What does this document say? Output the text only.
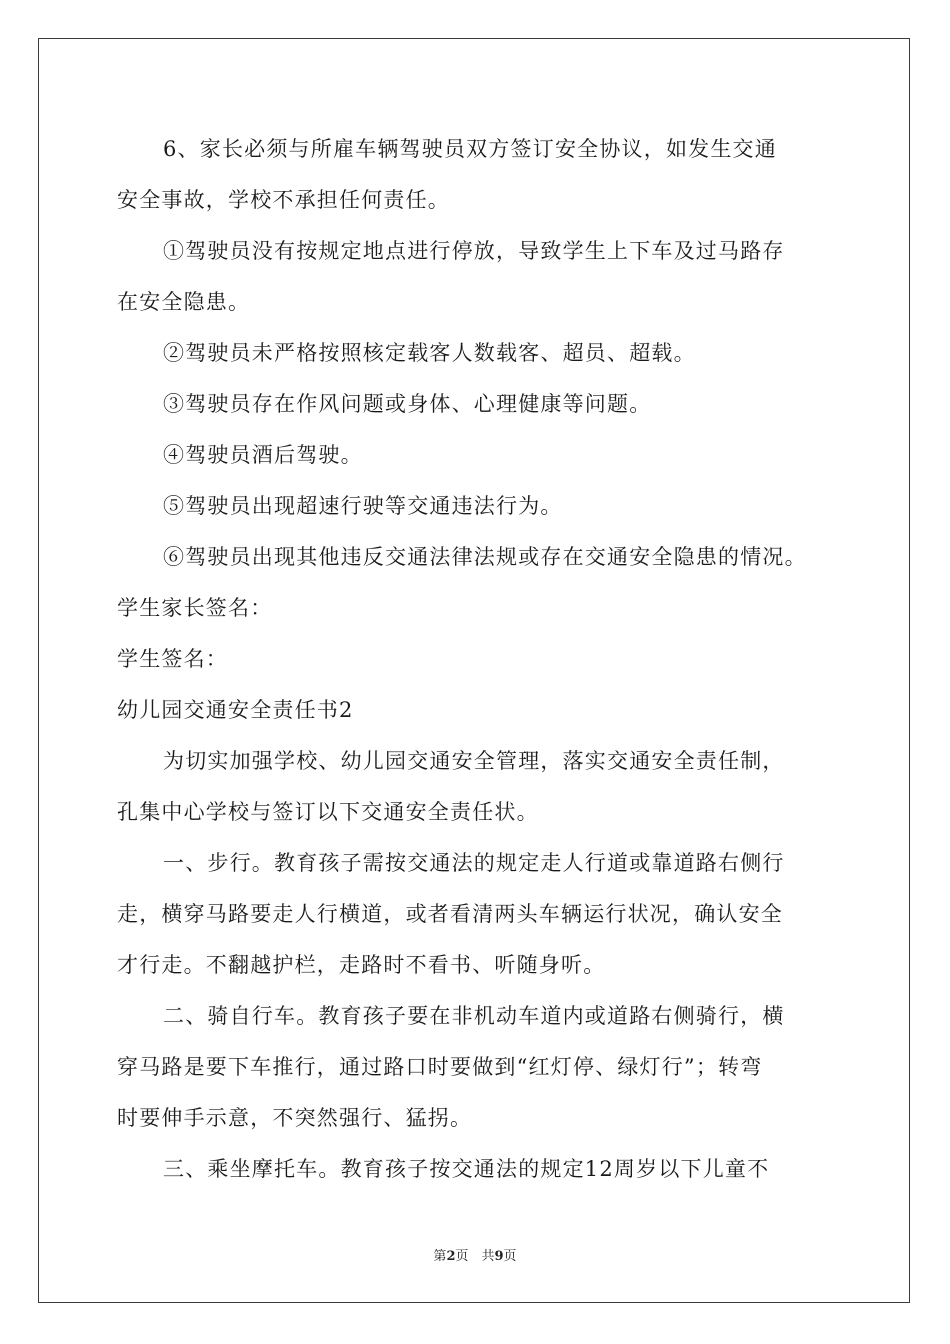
6、家长必须与所雇车辆驾驶员双方签订安全协议，如发生交通
安全事故，学校不承担任何责任。
①驾驶员没有按规定地点进行停放，导致学生上下车及过马路存
在安全隐患。
②驾驶员未严格按照核定载客人数载客、超员、超载。
③驾驶员存在作风问题或身体、心理健康等问题。
④驾驶员酒后驾驶。
⑤驾驶员出现超速行驶等交通违法行为。
⑥驾驶员出现其他违反交通法律法规或存在交通安全隐患的情况。
学生家长签名：
学生签名：
幼儿园交通安全责任书2
为切实加强学校、幼儿园交通安全管理，落实交通安全责任制，
孔集中心学校与签订以下交通安全责任状。
一、步行。教育孩子需按交通法的规定走人行道或靠道路右侧行
走，横穿马路要走人行横道，或者看清两头车辆运行状况，确认安全
才行走。不翻越护栏，走路时不看书、听随身听。
二、骑自行车。教育孩子要在非机动车道内或道路右侧骑行，横
穿马路是要下车推行，通过路口时要做到“红灯停、绿灯行”；转弯
时要伸手示意，不突然强行、猛拐。
三、乘坐摩托车。教育孩子按交通法的规定12周岁以下儿童不
第2页　共9页
